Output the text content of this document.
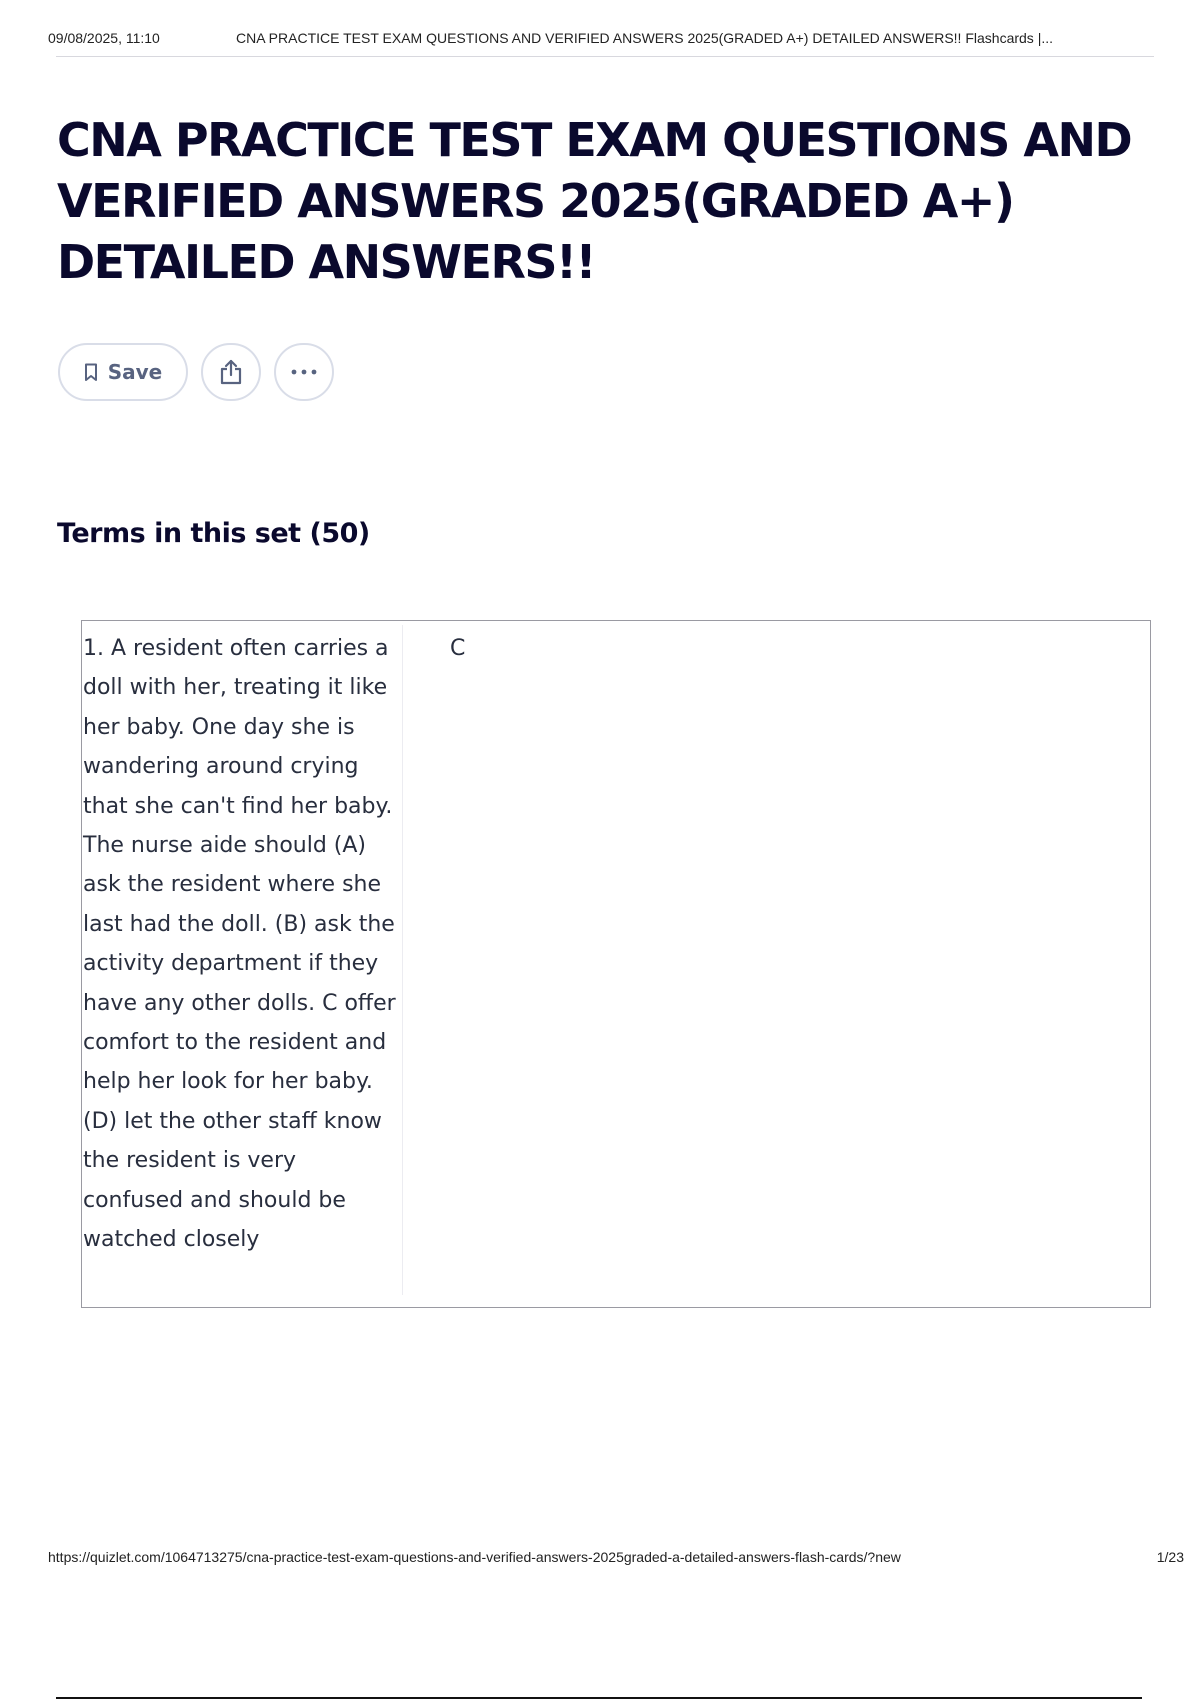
09/08/2025, 11:10	CNA PRACTICE TEST EXAM QUESTIONS AND VERIFIED ANSWERS 2025(GRADED A+) DETAILED ANSWERS!! Flashcards |...
CNA PRACTICE TEST EXAM QUESTIONS AND VERIFIED ANSWERS 2025(GRADED A+) DETAILED ANSWERS!!
Save
Terms in this set (50)
1. A resident often carries a doll with her, treating it like her baby. One day she is wandering around crying that she can't find her baby. The nurse aide should (A) ask the resident where she last had the doll. (B) ask the activity department if they have any other dolls. C offer comfort to the resident and help her look for her baby. (D) let the other staff know the resident is very confused and should be watched closely
C
https://quizlet.com/1064713275/cna-practice-test-exam-questions-and-verified-answers-2025graded-a-detailed-answers-flash-cards/?new	1/23
